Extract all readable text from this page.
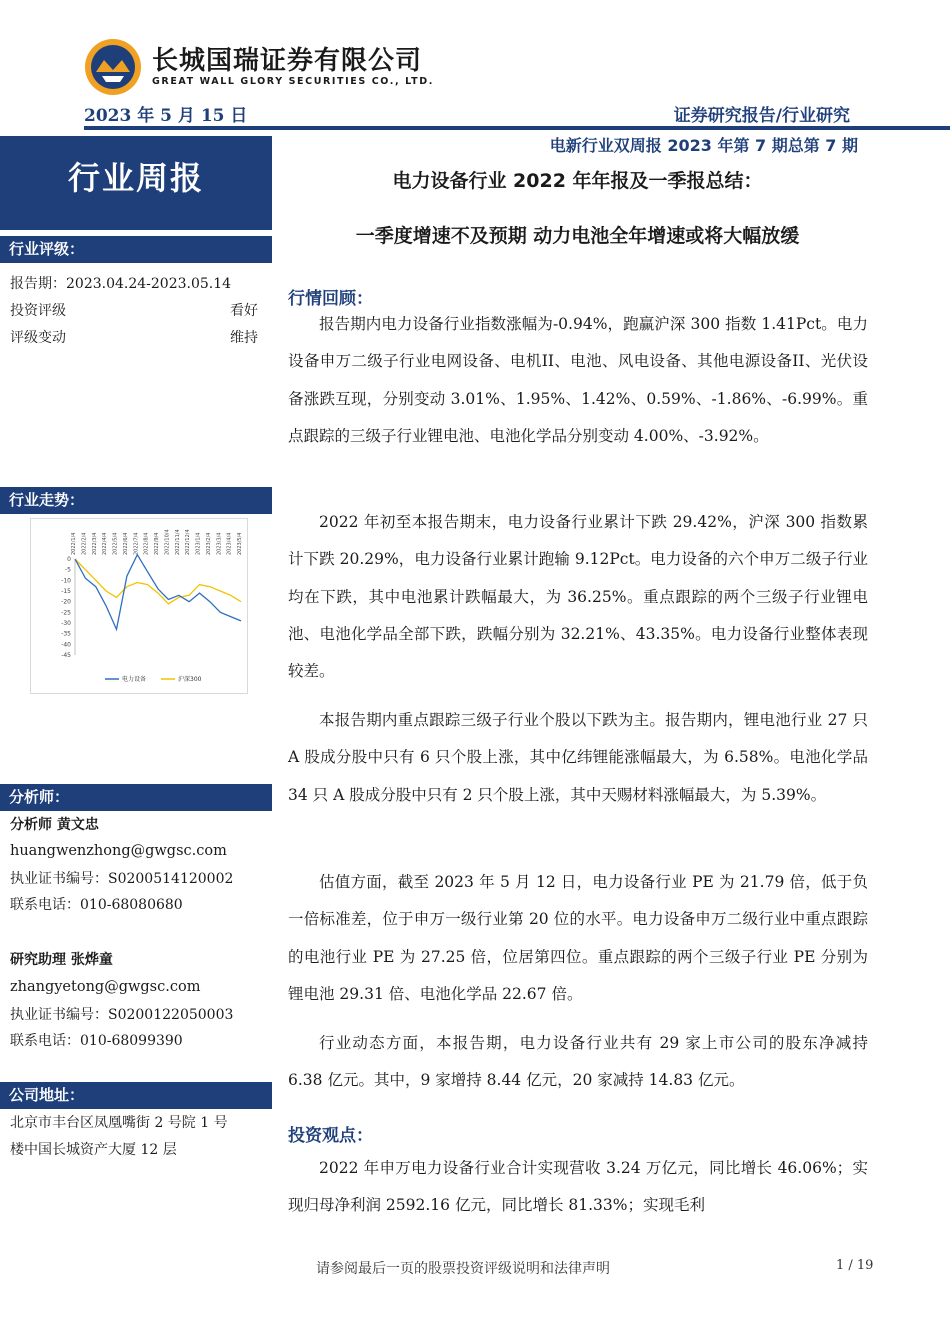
长城国瑞证券有限公司
GREAT WALL GLORY SECURITIES CO., LTD.
2023 年 5 月 15 日	证券研究报告/行业研究
电新行业双周报 2023 年第 7 期总第 7 期
行业周报
行业评级：
报告期：2023.04.24-2023.05.14
投资评级	看好
评级变动	维持
行业走势：
2022/1/4 2022/2/4 2022/3/4 2022/4/4 2022/5/4 2022/6/4 2022/7/4 2022/8/4 2022/9/4 2022/10/4 2022/11/4 2022/12/4 2023/1/4 2023/2/4 2023/3/4 2023/4/4 2023/5/4
0
-5
-10
-15
-20
-25
-30
-35
-40
-45
电力设备	沪深300
分析师：
分析师 黄文忠
huangwenzhong@gwgsc.com
执业证书编号：S0200514120002
联系电话：010-68080680
研究助理 张烨童
zhangyetong@gwgsc.com
执业证书编号：S0200122050003
联系电话：010-68099390
公司地址：
北京市丰台区凤凰嘴街 2 号院 1 号
楼中国长城资产大厦 12 层
电力设备行业 2022 年年报及一季报总结：
一季度增速不及预期 动力电池全年增速或将大幅放缓
行情回顾：
报告期内电力设备行业指数涨幅为-0.94%，跑赢沪深 300 指数 1.41Pct。电力设备申万二级子行业电网设备、电机II、电池、风电设备、其他电源设备II、光伏设备涨跌互现，分别变动 3.01%、1.95%、1.42%、0.59%、-1.86%、-6.99%。重点跟踪的三级子行业锂电池、电池化学品分别变动 4.00%、-3.92%。
2022 年初至本报告期末，电力设备行业累计下跌 29.42%，沪深 300 指数累计下跌 20.29%，电力设备行业累计跑输 9.12Pct。电力设备的六个申万二级子行业均在下跌，其中电池累计跌幅最大，为 36.25%。重点跟踪的两个三级子行业锂电池、电池化学品全部下跌，跌幅分别为 32.21%、43.35%。电力设备行业整体表现较差。
本报告期内重点跟踪三级子行业个股以下跌为主。报告期内，锂电池行业 27 只 A 股成分股中只有 6 只个股上涨，其中亿纬锂能涨幅最大，为 6.58%。电池化学品 34 只 A 股成分股中只有 2 只个股上涨，其中天赐材料涨幅最大，为 5.39%。
估值方面，截至 2023 年 5 月 12 日，电力设备行业 PE 为 21.79 倍，低于负一倍标准差，位于申万一级行业第 20 位的水平。电力设备申万二级行业中重点跟踪的电池行业 PE 为 27.25 倍，位居第四位。重点跟踪的两个三级子行业 PE 分别为锂电池 29.31 倍、电池化学品 22.67 倍。
行业动态方面，本报告期，电力设备行业共有 29 家上市公司的股东净减持 6.38 亿元。其中，9 家增持 8.44 亿元，20 家减持 14.83 亿元。
投资观点：
2022 年申万电力设备行业合计实现营收 3.24 万亿元，同比增长 46.06%；实现归母净利润 2592.16 亿元，同比增长 81.33%；实现毛利
请参阅最后一页的股票投资评级说明和法律声明	1 / 19
